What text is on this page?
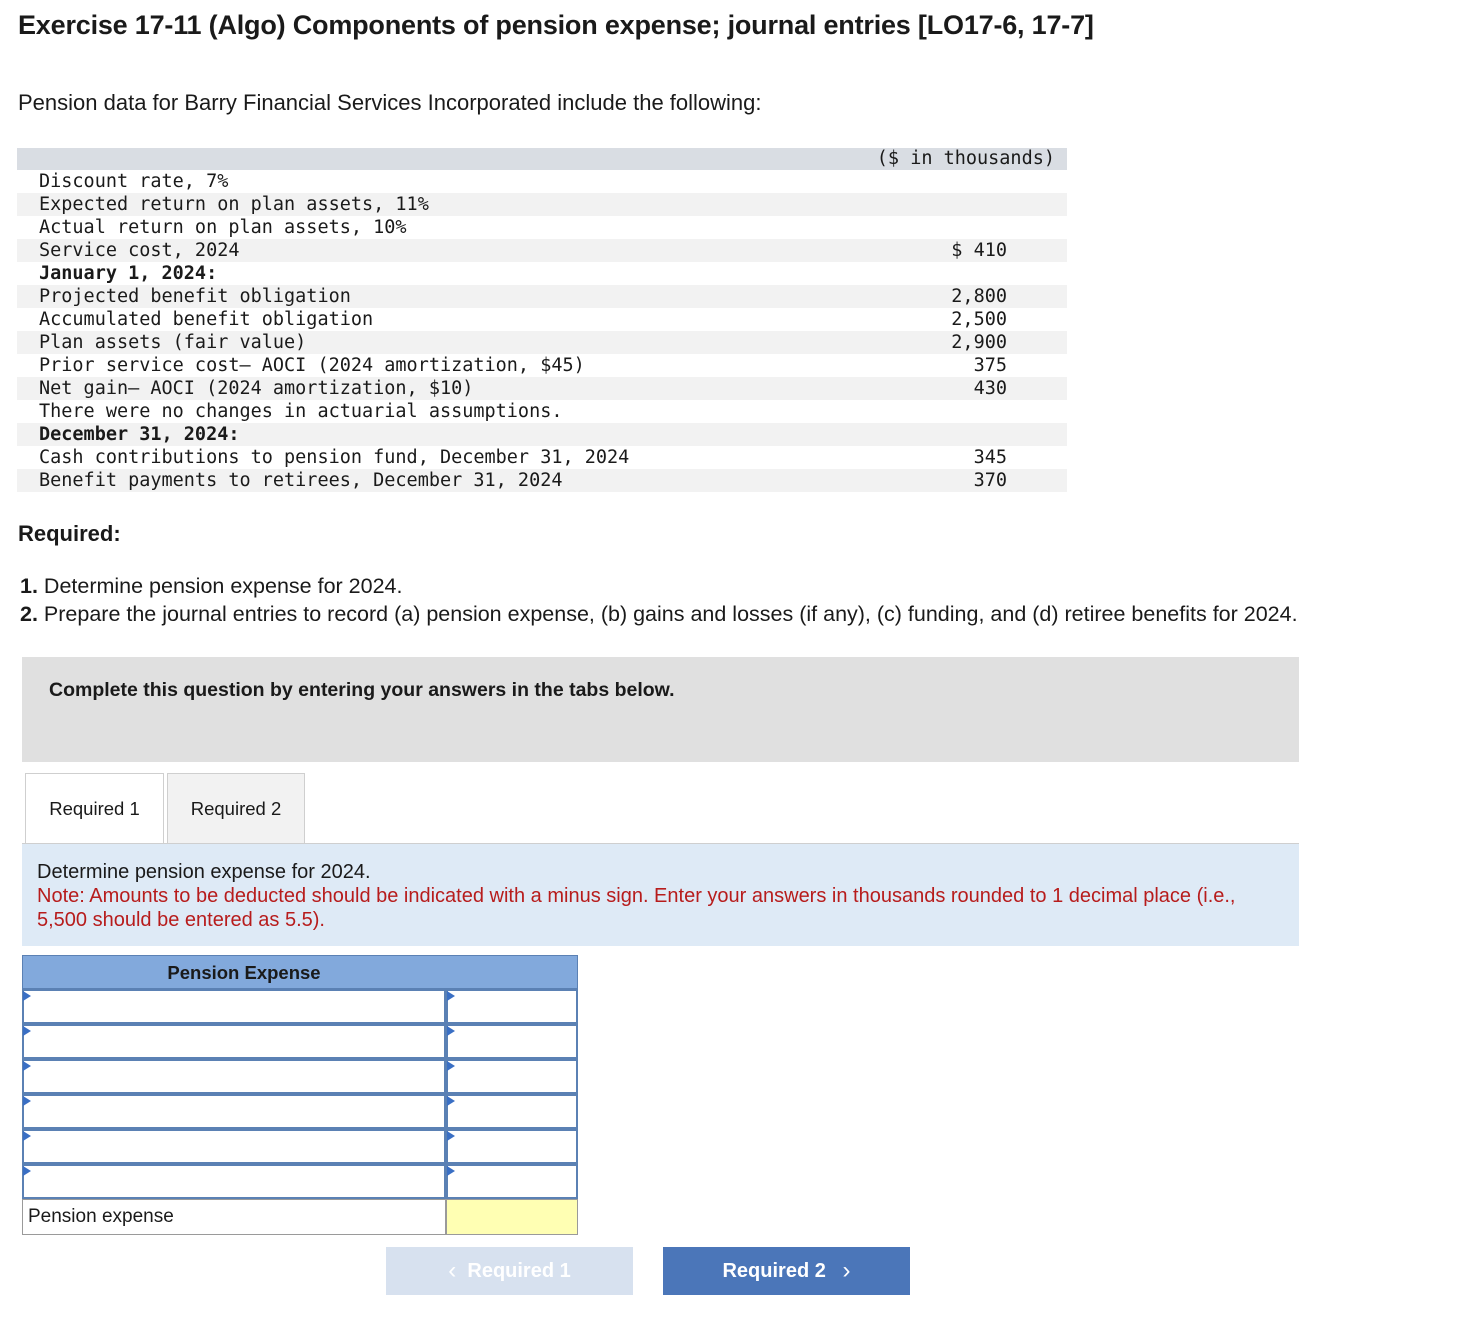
Exercise 17-11 (Algo) Components of pension expense; journal entries [LO17-6, 17-7]
Pension data for Barry Financial Services Incorporated include the following:
($ in thousands)
Discount rate, 7%
Expected return on plan assets, 11%
Actual return on plan assets, 10%
Service cost, 2024	$ 410
January 1, 2024:
Projected benefit obligation	2,800
Accumulated benefit obligation	2,500
Plan assets (fair value)	2,900
Prior service cost– AOCI (2024 amortization, $45)	375
Net gain– AOCI (2024 amortization, $10)	430
There were no changes in actuarial assumptions.
December 31, 2024:
Cash contributions to pension fund, December 31, 2024	345
Benefit payments to retirees, December 31, 2024	370
Required:
1. Determine pension expense for 2024.
2. Prepare the journal entries to record (a) pension expense, (b) gains and losses (if any), (c) funding, and (d) retiree benefits for 2024.
Complete this question by entering your answers in the tabs below.
Required 1	Required 2
Determine pension expense for 2024.
Note: Amounts to be deducted should be indicated with a minus sign. Enter your answers in thousands rounded to 1 decimal place (i.e., 5,500 should be entered as 5.5).
Pension Expense
Pension expense
‹
Required 1	Required 2
›
